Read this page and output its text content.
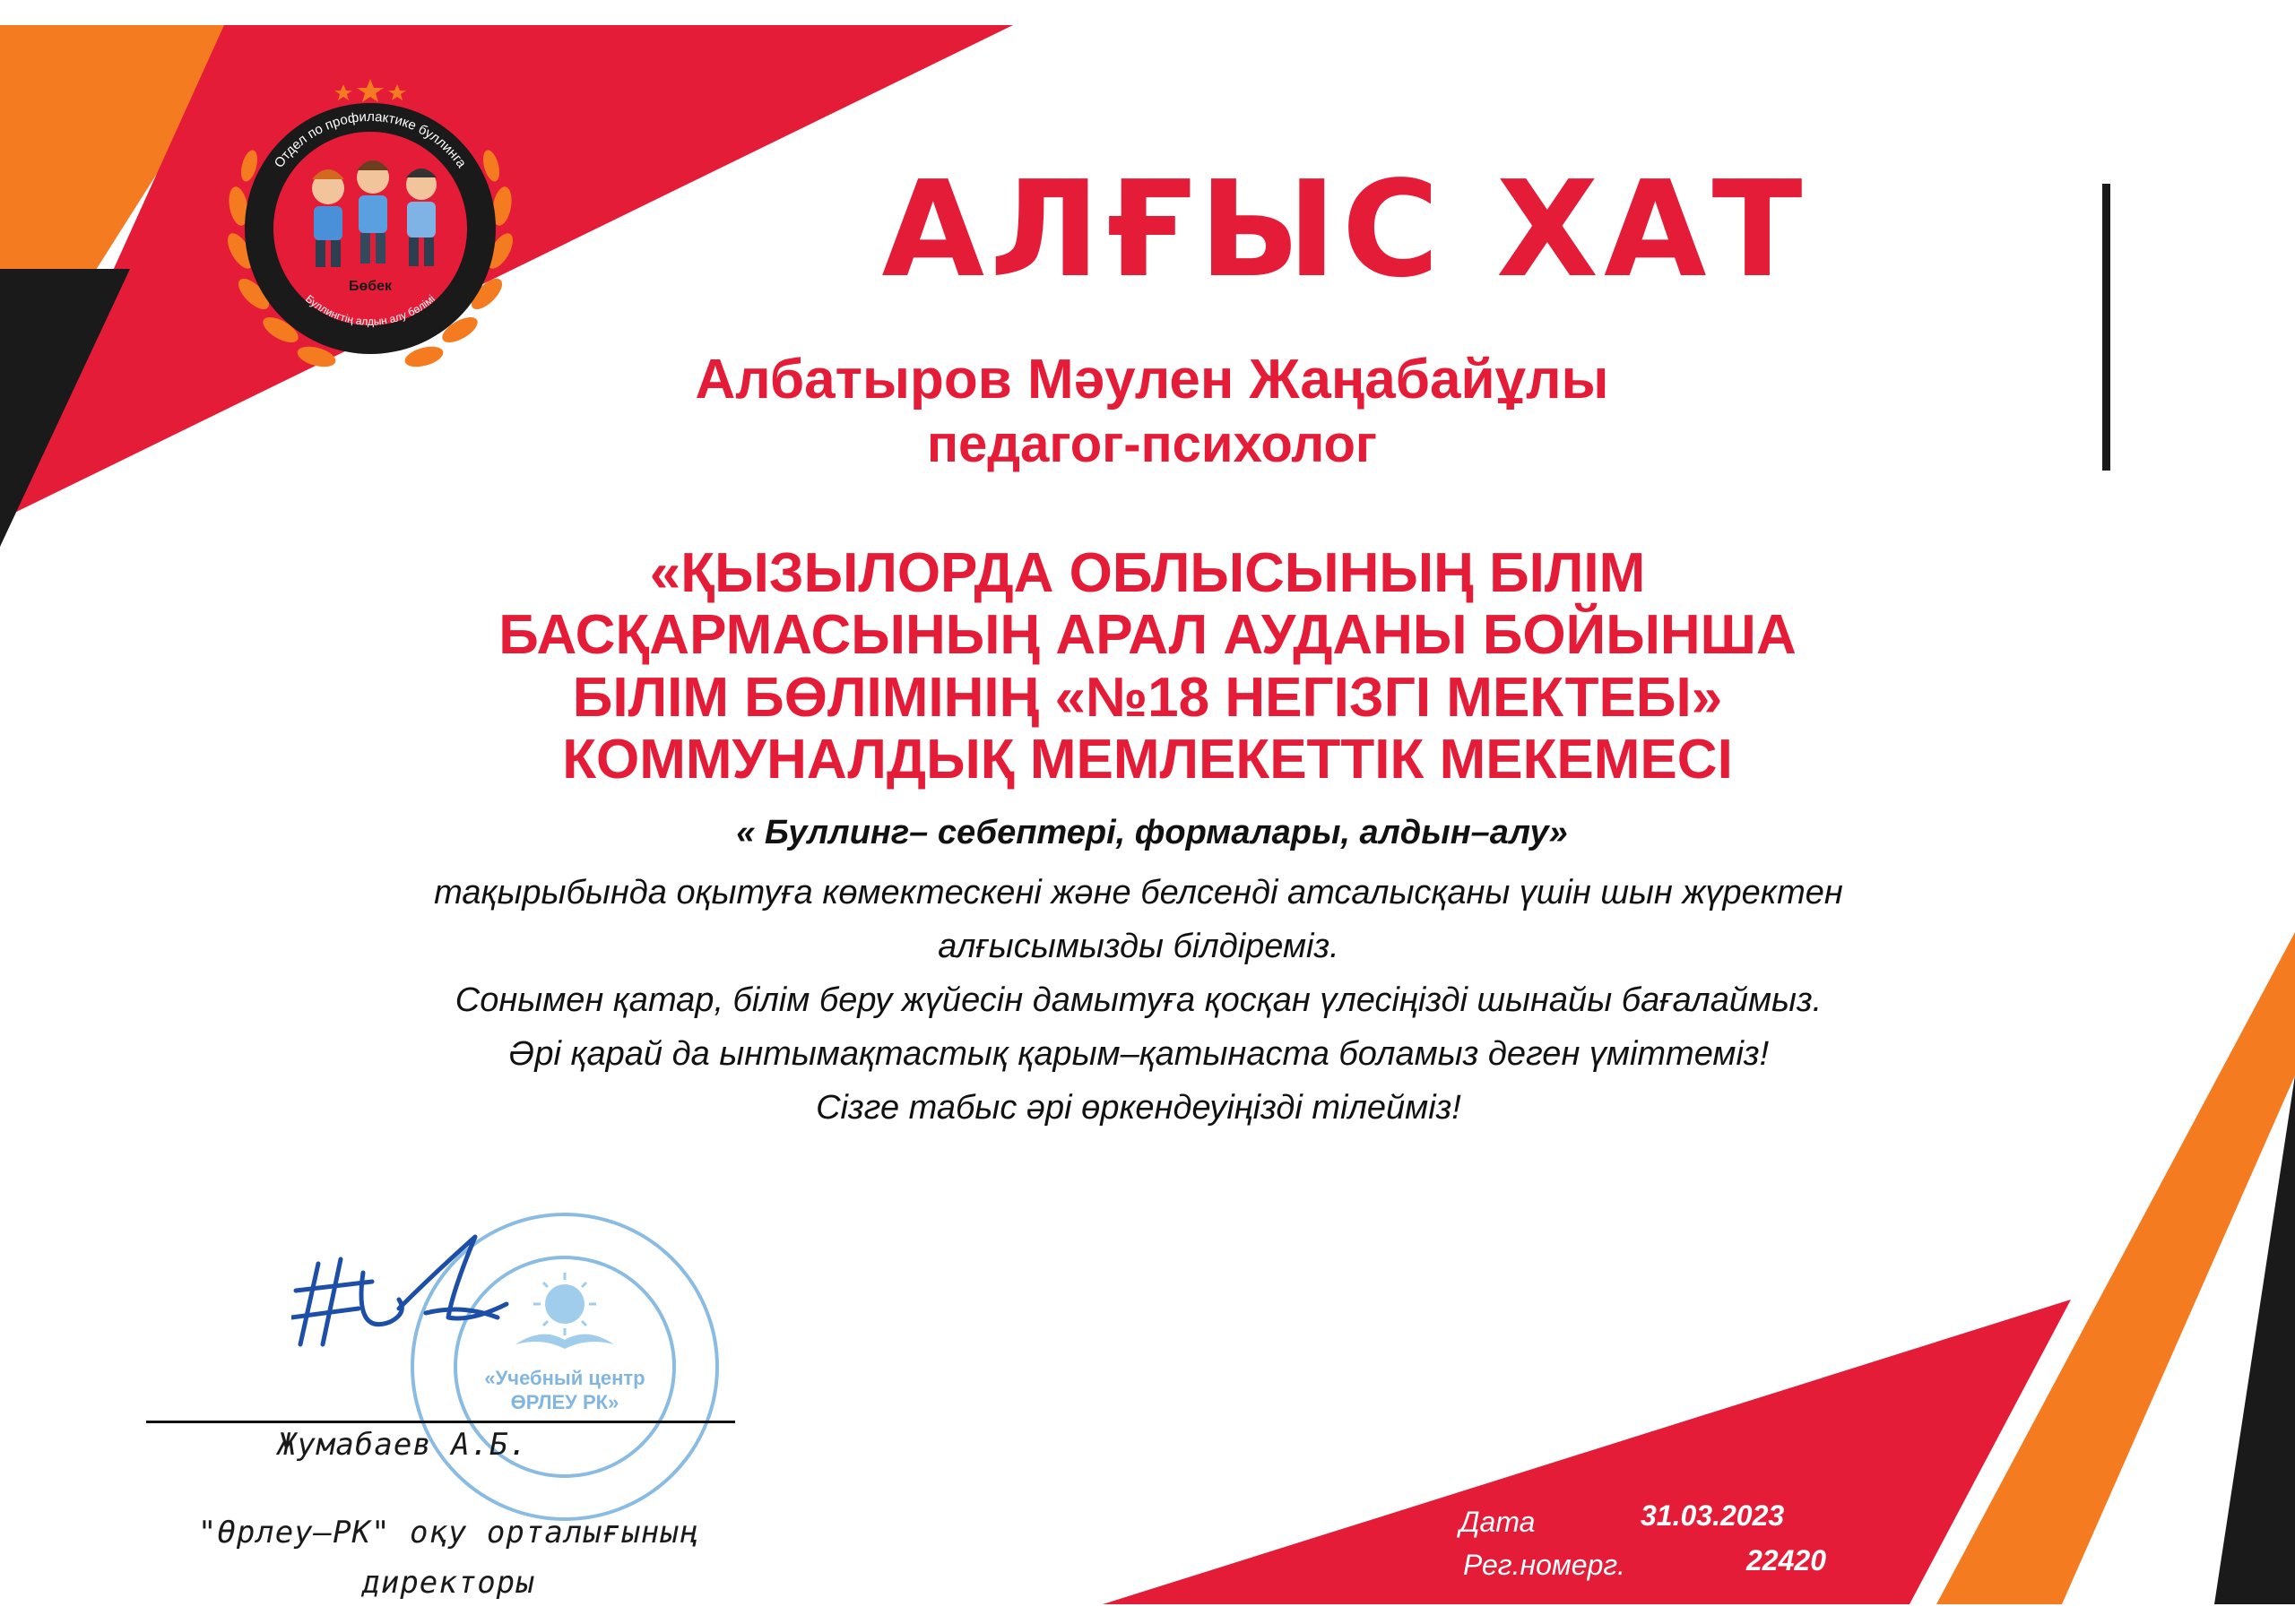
Отдел по профилактике буллинга
Буллингтің алдын алу бөлімі
Бөбек	АЛҒЫС ХАТ
Албатыров Мәулен Жаңабайұлы
педагог-психолог
«ҚЫЗЫЛОРДА ОБЛЫСЫНЫҢ БІЛІМ
БАСҚАРМАСЫНЫҢ АРАЛ АУДАНЫ БОЙЫНША
БІЛІМ БӨЛІМІНІҢ «№18 НЕГІЗГІ МЕКТЕБІ»
КОММУНАЛДЫҚ МЕМЛЕКЕТТІК МЕКЕМЕСІ
« Буллинг– себептері, формалары, алдын–алу»
тақырыбында оқытуға көмектескені және белсенді атсалысқаны үшін шын жүректен
алғысымызды білдіреміз.
Сонымен қатар, білім беру жүйесін дамытуға қосқан үлесіңізді шынайы бағалаймыз.
Әрі қарай да ынтымақтастық қарым–қатынаста боламыз деген үміттеміз!
Сізге табыс әрі өркендеуіңізді тілейміз!
«Учебный центр
ӨРЛЕУ РК»
Жумабаев А.Б.
"Өрлеу–РК" оқу орталығының
директоры
Дата	31.03.2023
Рег.номерг.	22420
